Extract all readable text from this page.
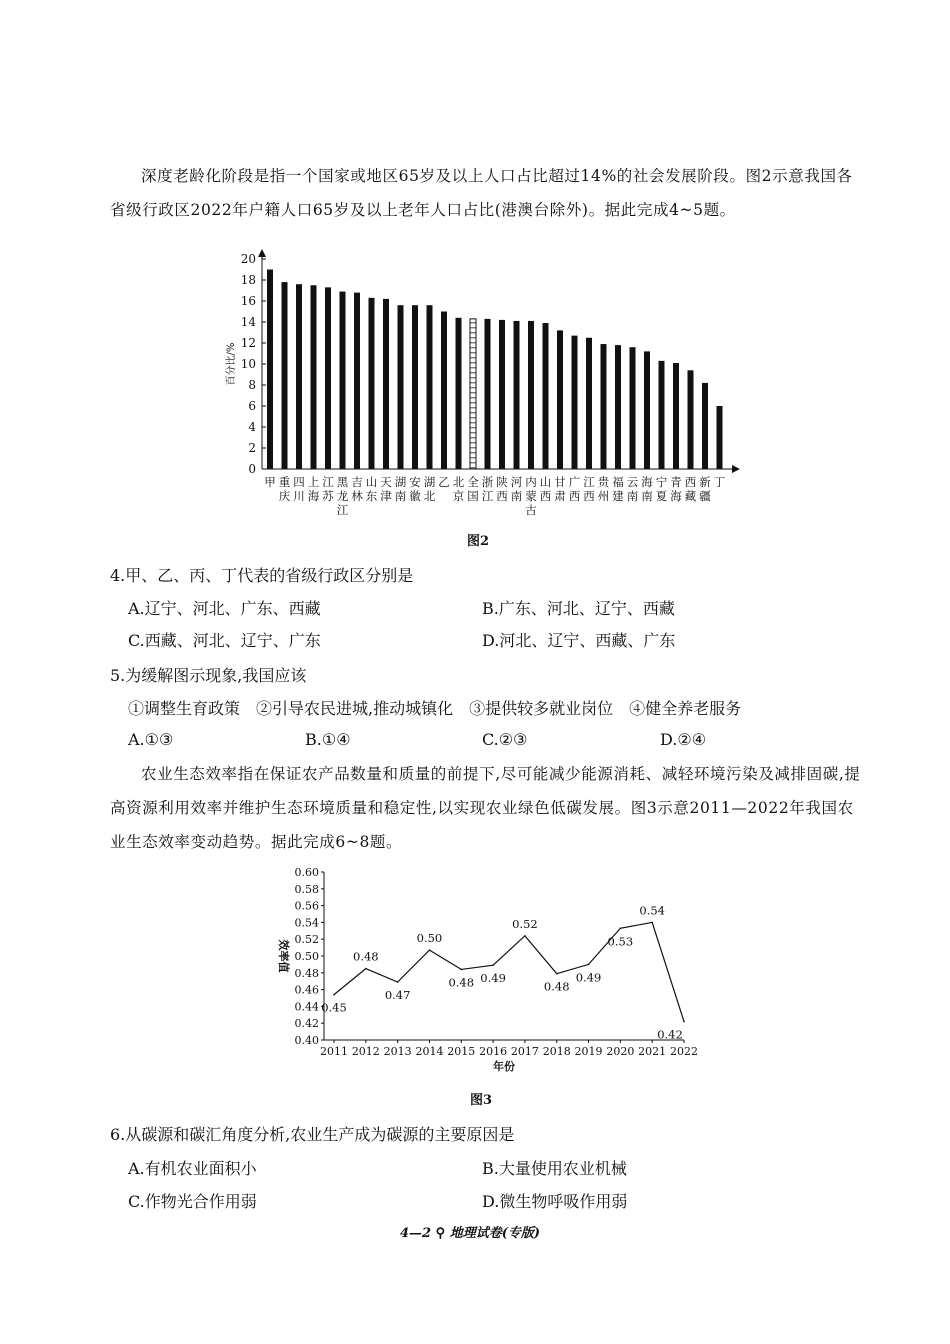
深度老龄化阶段是指一个国家或地区65岁及以上人口占比超过14%的社会发展阶段。图2示意我国各省级行政区2022年户籍人口65岁及以上老年人口占比(港澳台除外)。据此完成4~5题。

0
2
4
6
8
10
12
14
16
18
20
百分比/%
甲 重庆
四川
上海
江苏
黑龙江
吉林
山东
天津
湖南
安徽
湖北
乙 北京
全国
浙江
陕西
河南
内蒙古
山西
甘肃
广西
江西
贵州
福建
云南
海南
宁夏
青海
西藏
新疆
丁
图2
4.甲、乙、丙、丁代表的省级行政区分别是
A.辽宁、河北、广东、西藏	B.广东、河北、辽宁、西藏
C.西藏、河北、辽宁、广东	D.河北、辽宁、西藏、广东
5.为缓解图示现象,我国应该
①调整生育政策　②引导农民进城,推动城镇化　③提供较多就业岗位　④健全养老服务
A.①③	B.①④	C.②③	D.②④

农业生态效率指在保证农产品数量和质量的前提下,尽可能减少能源消耗、减轻环境污染及减排固碳,提高资源利用效率并维护生态环境质量和稳定性,以实现农业绿色低碳发展。图3示意2011—2022年我国农业生态效率变动趋势。据此完成6~8题。

0.40
0.42
0.44
0.46
0.48
0.50
0.52
0.54
0.56
0.58
0.60
效率值
2011 2012 2013 2014 2015 2016 2017 2018 2019 2020 2021 2022
年份
0.45
0.48
0.47
0.50
0.48 0.49
0.52
0.48
0.49
0.53
0.54
0.42
图3
6.从碳源和碳汇角度分析,农业生产成为碳源的主要原因是
A.有机农业面积小	B.大量使用农业机械
C.作物光合作用弱	D.微生物呼吸作用弱
4—2 ⚲ 地理试卷(专版)
